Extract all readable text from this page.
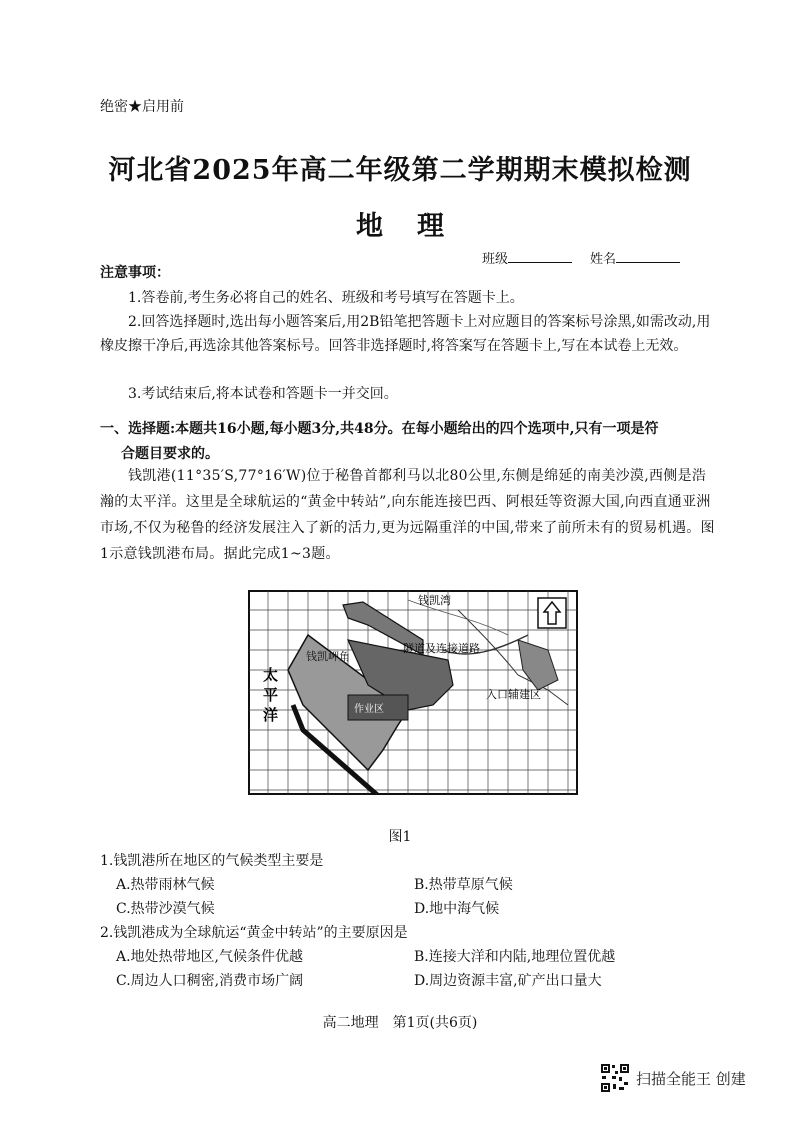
绝密★启用前
河北省2025年高二年级第二学期期末模拟检测
地理
班级	姓名
注意事项：

1.答卷前,考生务必将自己的姓名、班级和考号填写在答题卡上。

2.回答选择题时,选出每小题答案后,用2B铅笔把答题卡上对应题目的答案标号涂黑,如需改动,用橡皮擦干净后,再选涂其他答案标号。回答非选择题时,将答案写在答题卡上,写在本试卷上无效。

3.考试结束后,将本试卷和答题卡一并交回。

一、选择题:本题共16小题,每小题3分,共48分。在每小题给出的四个选项中,只有一项是符
合题目要求的。

钱凯港(11°35′S,77°16′W)位于秘鲁首都利马以北80公里,东侧是绵延的南美沙漠,西侧是浩瀚的太平洋。这里是全球航运的“黄金中转站”,向东能连接巴西、阿根廷等资源大国,向西直通亚洲市场,不仅为秘鲁的经济发展注入了新的活力,更为远隔重洋的中国,带来了前所未有的贸易机遇。图1示意钱凯港布局。据此完成1~3题。

钱凯湾
钱凯岬角
隧道及连接道路
太
平
洋
入口辅建区
作业区
图1
1.钱凯港所在地区的气候类型主要是
A.热带雨林气候	B.热带草原气候
C.热带沙漠气候	D.地中海气候
2.钱凯港成为全球航运“黄金中转站”的主要原因是
A.地处热带地区,气候条件优越	B.连接大洋和内陆,地理位置优越
C.周边人口稠密,消费市场广阔	D.周边资源丰富,矿产出口量大
高二地理　第1页(共6页)
扫描全能王 创建
